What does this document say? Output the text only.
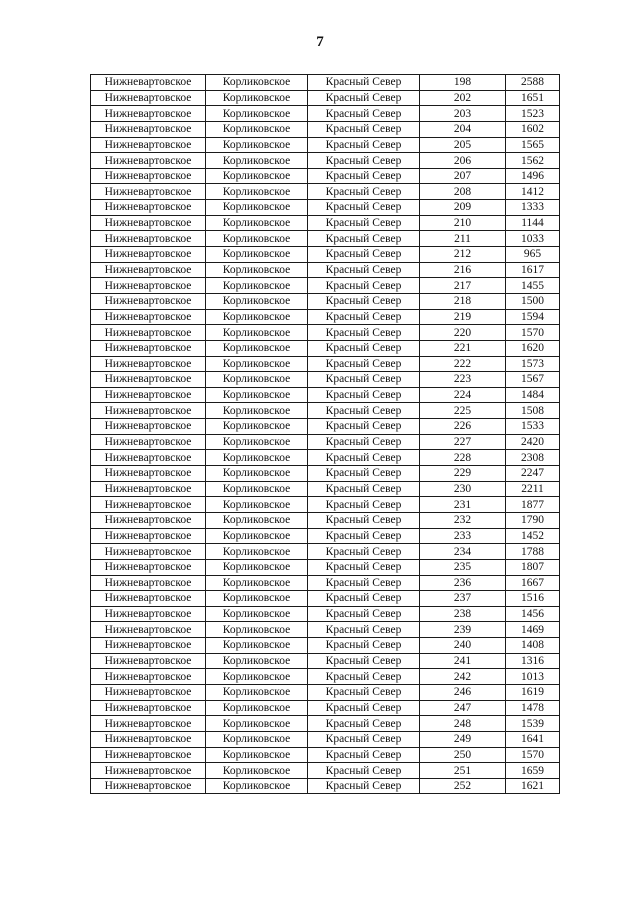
7
Нижневартовское	Корликовское	Красный Север	198	2588
Нижневартовское	Корликовское	Красный Север	202	1651
Нижневартовское	Корликовское	Красный Север	203	1523
Нижневартовское	Корликовское	Красный Север	204	1602
Нижневартовское	Корликовское	Красный Север	205	1565
Нижневартовское	Корликовское	Красный Север	206	1562
Нижневартовское	Корликовское	Красный Север	207	1496
Нижневартовское	Корликовское	Красный Север	208	1412
Нижневартовское	Корликовское	Красный Север	209	1333
Нижневартовское	Корликовское	Красный Север	210	1144
Нижневартовское	Корликовское	Красный Север	211	1033
Нижневартовское	Корликовское	Красный Север	212	965
Нижневартовское	Корликовское	Красный Север	216	1617
Нижневартовское	Корликовское	Красный Север	217	1455
Нижневартовское	Корликовское	Красный Север	218	1500
Нижневартовское	Корликовское	Красный Север	219	1594
Нижневартовское	Корликовское	Красный Север	220	1570
Нижневартовское	Корликовское	Красный Север	221	1620
Нижневартовское	Корликовское	Красный Север	222	1573
Нижневартовское	Корликовское	Красный Север	223	1567
Нижневартовское	Корликовское	Красный Север	224	1484
Нижневартовское	Корликовское	Красный Север	225	1508
Нижневартовское	Корликовское	Красный Север	226	1533
Нижневартовское	Корликовское	Красный Север	227	2420
Нижневартовское	Корликовское	Красный Север	228	2308
Нижневартовское	Корликовское	Красный Север	229	2247
Нижневартовское	Корликовское	Красный Север	230	2211
Нижневартовское	Корликовское	Красный Север	231	1877
Нижневартовское	Корликовское	Красный Север	232	1790
Нижневартовское	Корликовское	Красный Север	233	1452
Нижневартовское	Корликовское	Красный Север	234	1788
Нижневартовское	Корликовское	Красный Север	235	1807
Нижневартовское	Корликовское	Красный Север	236	1667
Нижневартовское	Корликовское	Красный Север	237	1516
Нижневартовское	Корликовское	Красный Север	238	1456
Нижневартовское	Корликовское	Красный Север	239	1469
Нижневартовское	Корликовское	Красный Север	240	1408
Нижневартовское	Корликовское	Красный Север	241	1316
Нижневартовское	Корликовское	Красный Север	242	1013
Нижневартовское	Корликовское	Красный Север	246	1619
Нижневартовское	Корликовское	Красный Север	247	1478
Нижневартовское	Корликовское	Красный Север	248	1539
Нижневартовское	Корликовское	Красный Север	249	1641
Нижневартовское	Корликовское	Красный Север	250	1570
Нижневартовское	Корликовское	Красный Север	251	1659
Нижневартовское	Корликовское	Красный Север	252	1621
